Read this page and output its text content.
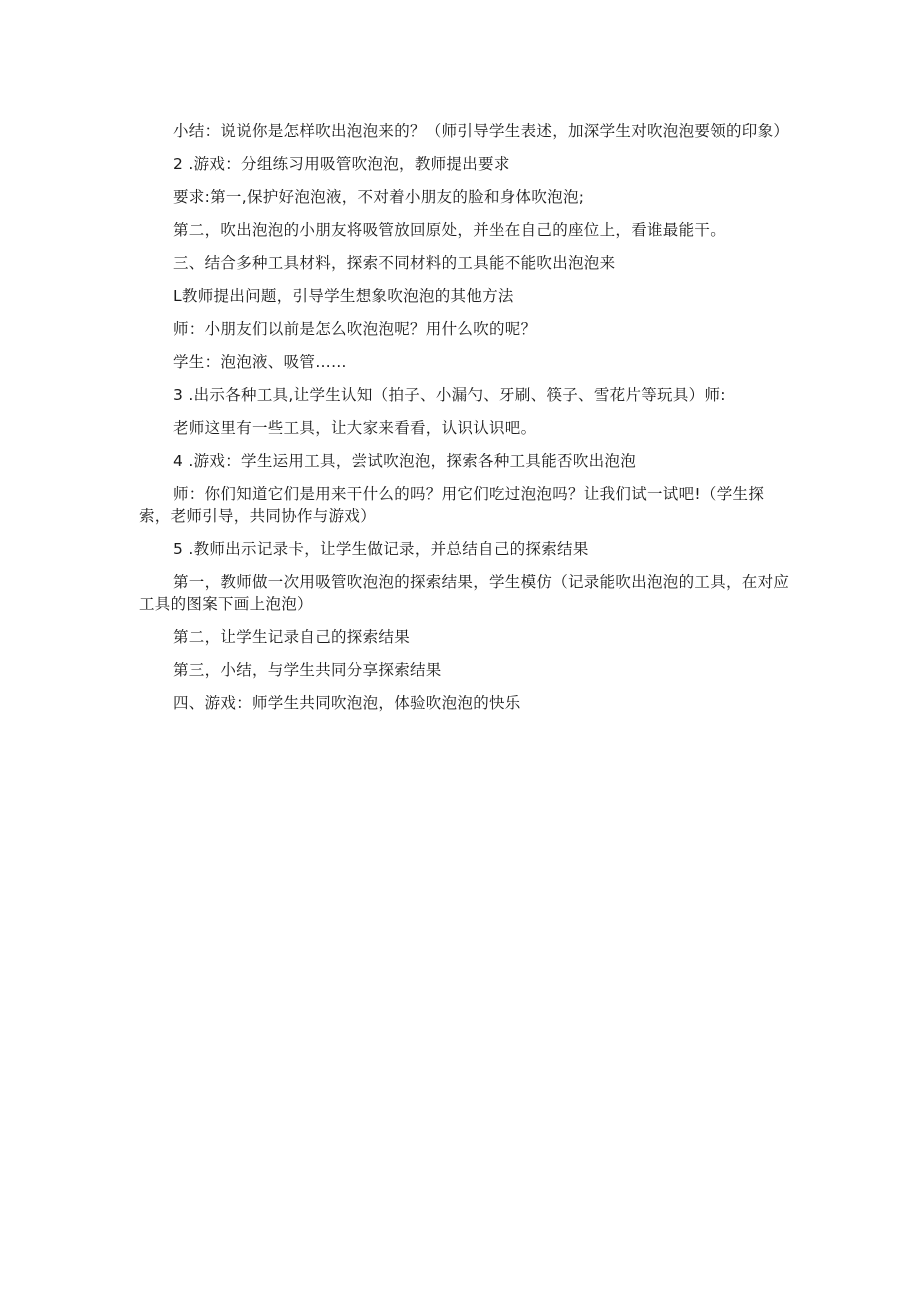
小结：说说你是怎样吹出泡泡来的？（师引导学生表述，加深学生对吹泡泡要领的印象）

2 .游戏：分组练习用吸管吹泡泡，教师提出要求

要求:第一,保护好泡泡液，不对着小朋友的脸和身体吹泡泡;

第二，吹出泡泡的小朋友将吸管放回原处，并坐在自己的座位上，看谁最能干。

三、结合多种工具材料，探索不同材料的工具能不能吹出泡泡来

L教师提出问题，引导学生想象吹泡泡的其他方法

师：小朋友们以前是怎么吹泡泡呢？用什么吹的呢？

学生：泡泡液、吸管……

3 .出示各种工具,让学生认知（拍子、小漏勺、牙刷、筷子、雪花片等玩具）师:

老师这里有一些工具，让大家来看看，认识认识吧。

4 .游戏：学生运用工具，尝试吹泡泡，探索各种工具能否吹出泡泡

师：你们知道它们是用来干什么的吗？用它们吃过泡泡吗？让我们试一试吧!（学生探索，老师引导，共同协作与游戏）

5 .教师出示记录卡，让学生做记录，并总结自己的探索结果

第一，教师做一次用吸管吹泡泡的探索结果，学生模仿（记录能吹出泡泡的工具，在对应工具的图案下画上泡泡）

第二，让学生记录自己的探索结果

第三，小结，与学生共同分享探索结果

四、游戏：师学生共同吹泡泡，体验吹泡泡的快乐
